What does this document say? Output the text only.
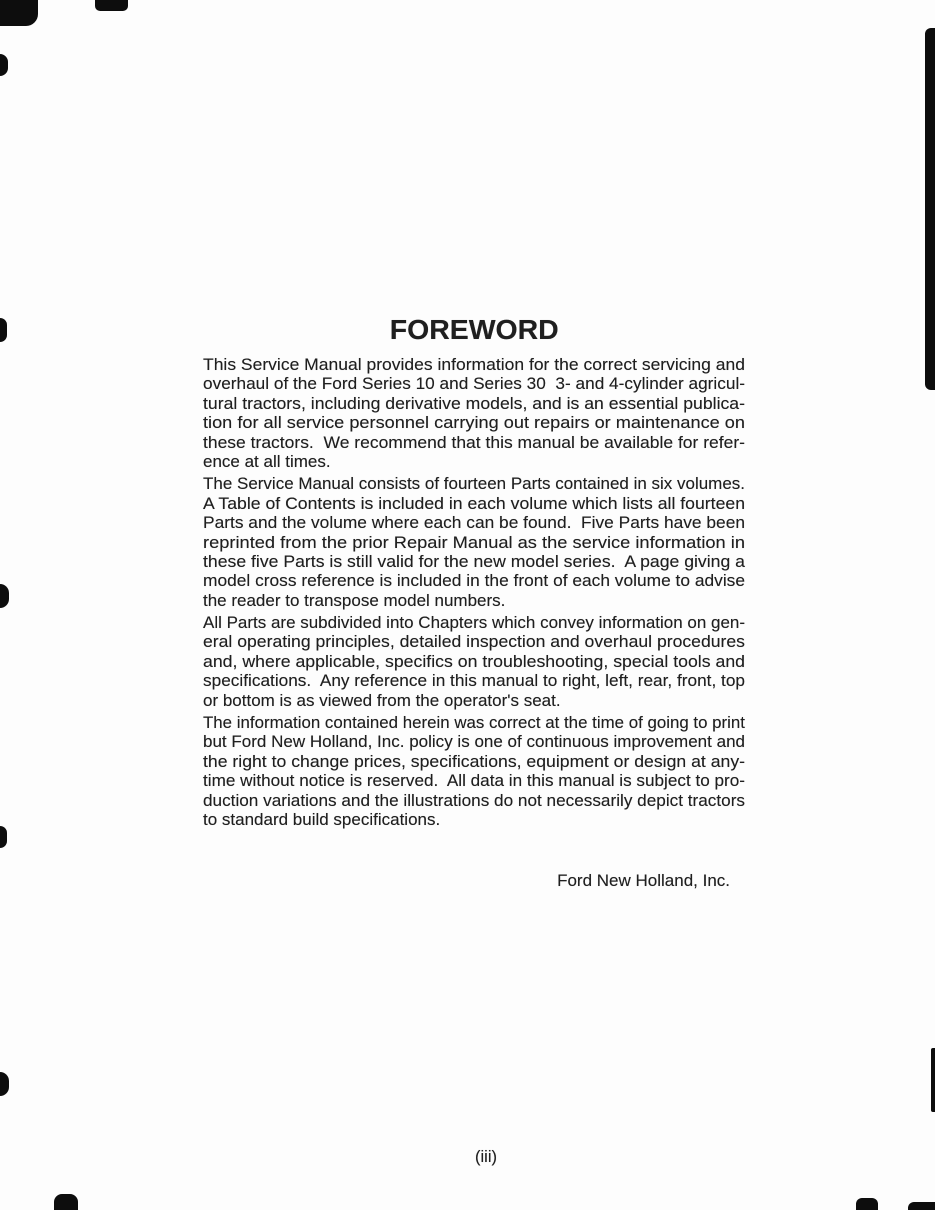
FOREWORD
This Service Manual provides information for the correct servicing and
overhaul of the Ford Series 10 and Series 30  3- and 4-cylinder agricul-
tural tractors, including derivative models, and is an essential publica-
tion for all service personnel carrying out repairs or maintenance on
these tractors.  We recommend that this manual be available for refer-
ence at all times.
The Service Manual consists of fourteen Parts contained in six volumes.
A Table of Contents is included in each volume which lists all fourteen
Parts and the volume where each can be found.  Five Parts have been
reprinted from the prior Repair Manual as the service information in
these five Parts is still valid for the new model series.  A page giving a
model cross reference is included in the front of each volume to advise
the reader to transpose model numbers.
All Parts are subdivided into Chapters which convey information on gen-
eral operating principles, detailed inspection and overhaul procedures
and, where applicable, specifics on troubleshooting, special tools and
specifications.  Any reference in this manual to right, left, rear, front, top
or bottom is as viewed from the operator's seat.
The information contained herein was correct at the time of going to print
but Ford New Holland, Inc. policy is one of continuous improvement and
the right to change prices, specifications, equipment or design at any-
time without notice is reserved.  All data in this manual is subject to pro-
duction variations and the illustrations do not necessarily depict tractors
to standard build specifications.
Ford New Holland, Inc.
(iii)
